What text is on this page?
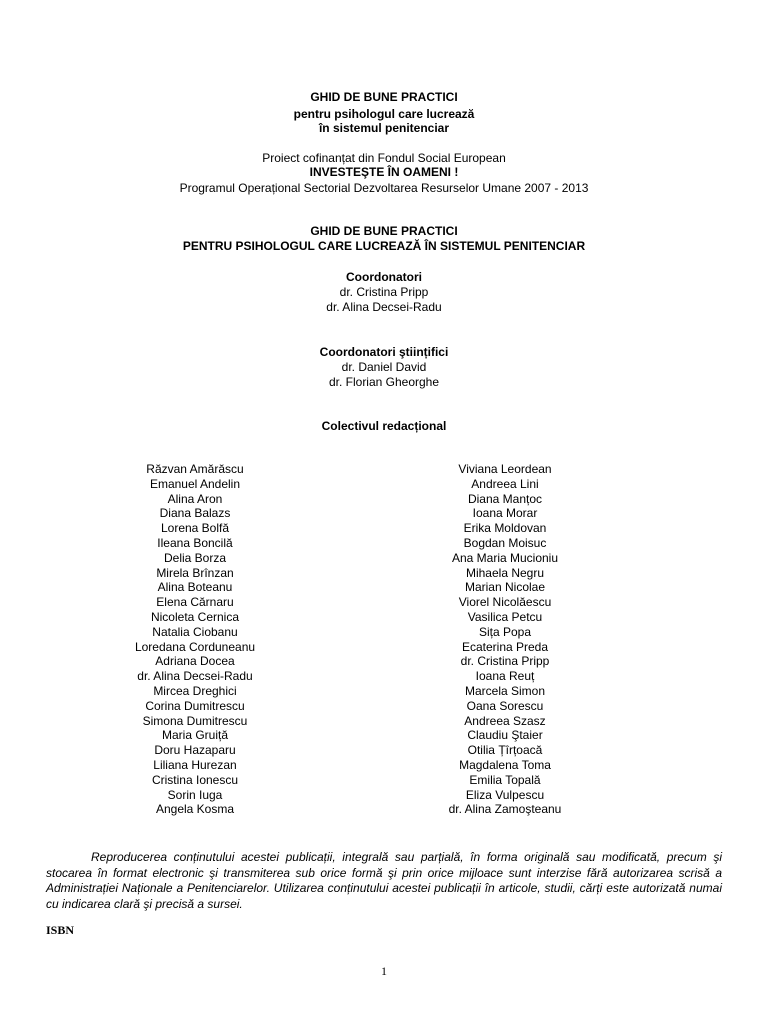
GHID DE BUNE PRACTICI
pentru psihologul care lucrează
în sistemul penitenciar
Proiect cofinanțat din Fondul Social European
INVESTEŞTE ÎN OAMENI !
Programul Operațional Sectorial Dezvoltarea Resurselor Umane 2007 - 2013
GHID DE BUNE PRACTICI
PENTRU PSIHOLOGUL CARE LUCREAZĂ ÎN SISTEMUL PENITENCIAR
Coordonatori
dr. Cristina Pripp
dr. Alina Decsei-Radu
Coordonatori ştiințifici
dr. Daniel David
dr. Florian Gheorghe
Colectivul redacțional
Răzvan Amărăscu
Emanuel Andelin
Alina Aron
Diana Balazs
Lorena Bolfă
Ileana Boncilă
Delia Borza
Mirela Brînzan
Alina Boteanu
Elena Cărnaru
Nicoleta Cernica
Natalia Ciobanu
Loredana Corduneanu
Adriana Docea
dr. Alina Decsei-Radu
Mircea Dreghici
Corina Dumitrescu
Simona Dumitrescu
Maria Gruiță
Doru Hazaparu
Liliana Hurezan
Cristina Ionescu
Sorin Iuga
Angela Kosma
Viviana Leordean
Andreea Lini
Diana Manțoc
Ioana Morar
Erika Moldovan
Bogdan Moisuc
Ana Maria Mucioniu
Mihaela Negru
Marian Nicolae
Viorel Nicolăescu
Vasilica Petcu
Sița Popa
Ecaterina Preda
dr. Cristina Pripp
Ioana Reuț
Marcela Simon
Oana Sorescu
Andreea Szasz
Claudiu Ştaier
Otilia Țîrțoacă
Magdalena Toma
Emilia Topală
Eliza Vulpescu
dr. Alina Zamoşteanu
Reproducerea conținutului acestei publicații, integrală sau parțială, în forma originală sau modificată, precum şi stocarea în format electronic şi transmiterea sub orice formă şi prin orice mijloace sunt interzise fără autorizarea scrisă a Administrației Naționale a Penitenciarelor. Utilizarea conținutului acestei publicații în articole, studii, cărți este autorizată numai cu indicarea clară şi precisă a sursei.
ISBN
1
